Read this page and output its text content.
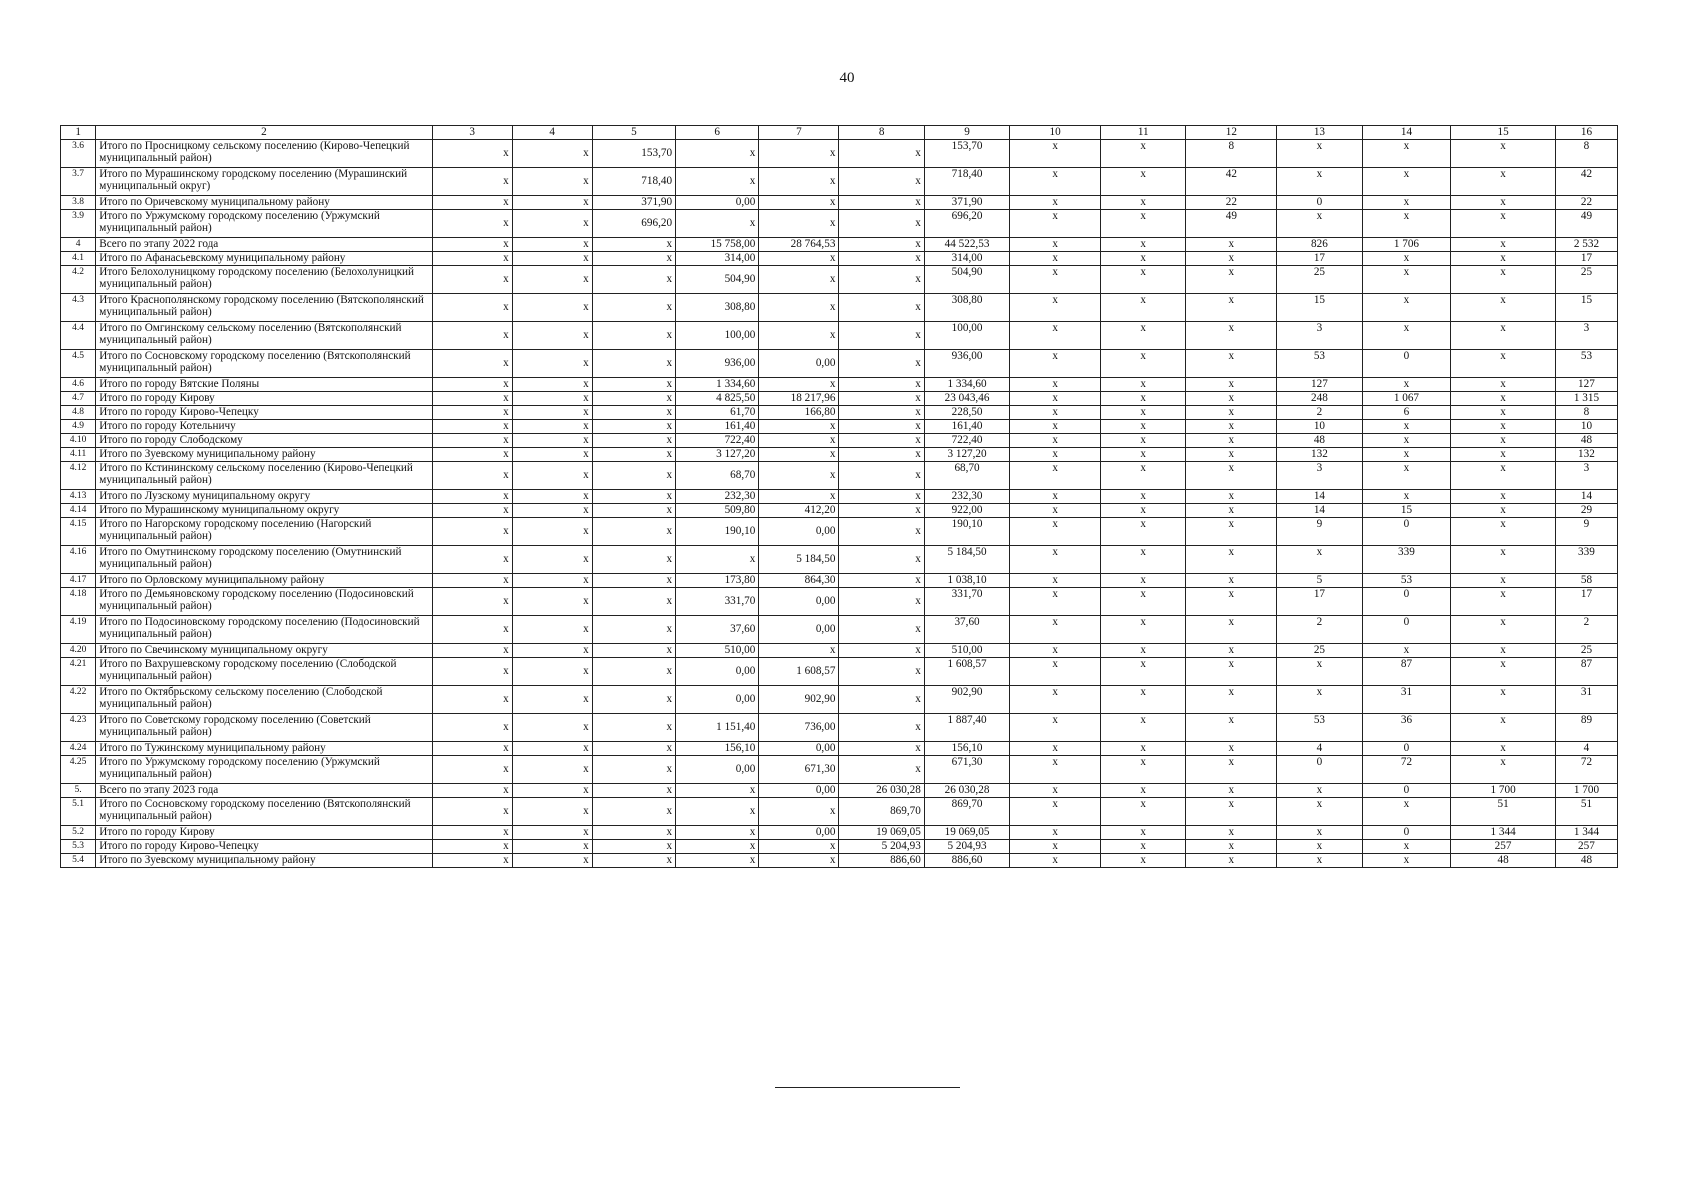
40
1	2	3	4	5	6	7	8	9	10	11	12	13	14	15	16
3.6	Итого по Просницкому сельскому поселению (Кирово-Чепецкий муниципальный район)	x	x	153,70	x	x	x	153,70	x	x	8	x	x	x	8
3.7	Итого по Мурашинскому городскому поселению (Мурашинский муниципальный округ)	x	x	718,40	x	x	x	718,40	x	x	42	x	x	x	42
3.8	Итого по Оричевскому муниципальному району	x	x	371,90	0,00	x	x	371,90	x	x	22	0	x	x	22
3.9	Итого по Уржумскому городскому поселению (Уржумский муниципальный район)	x	x	696,20	x	x	x	696,20	x	x	49	x	x	x	49
4	Всего по этапу 2022 года	x	x	x	15 758,00	28 764,53	x	44 522,53	x	x	x	826	1 706	x	2 532
4.1	Итого по Афанасьевскому муниципальному району	x	x	x	314,00	x	x	314,00	x	x	x	17	x	x	17
4.2	Итого Белохолуницкому городскому поселению (Белохолуницкий муниципальный район)	x	x	x	504,90	x	x	504,90	x	x	x	25	x	x	25
4.3	Итого Краснополянскому городскому поселению (Вятскополянский муниципальный район)	x	x	x	308,80	x	x	308,80	x	x	x	15	x	x	15
4.4	Итого по Омгинскому сельскому поселению (Вятскополянский муниципальный район)	x	x	x	100,00	x	x	100,00	x	x	x	3	x	x	3
4.5	Итого по Сосновскому городскому поселению (Вятскополянский муниципальный район)	x	x	x	936,00	0,00	x	936,00	x	x	x	53	0	x	53
4.6	Итого по городу Вятские Поляны	x	x	x	1 334,60	x	x	1 334,60	x	x	x	127	x	x	127
4.7	Итого по городу Кирову	x	x	x	4 825,50	18 217,96	x	23 043,46	x	x	x	248	1 067	x	1 315
4.8	Итого по городу Кирово-Чепецку	x	x	x	61,70	166,80	x	228,50	x	x	x	2	6	x	8
4.9	Итого по городу Котельничу	x	x	x	161,40	x	x	161,40	x	x	x	10	x	x	10
4.10	Итого по городу Слободскому	x	x	x	722,40	x	x	722,40	x	x	x	48	x	x	48
4.11	Итого по Зуевскому муниципальному району	x	x	x	3 127,20	x	x	3 127,20	x	x	x	132	x	x	132
4.12	Итого по Кстининскому сельскому поселению (Кирово-Чепецкий муниципальный район)	x	x	x	68,70	x	x	68,70	x	x	x	3	x	x	3
4.13	Итого по Лузскому муниципальному округу	x	x	x	232,30	x	x	232,30	x	x	x	14	x	x	14
4.14	Итого по Мурашинскому муниципальному округу	x	x	x	509,80	412,20	x	922,00	x	x	x	14	15	x	29
4.15	Итого по Нагорскому городскому поселению (Нагорский муниципальный район)	x	x	x	190,10	0,00	x	190,10	x	x	x	9	0	x	9
4.16	Итого по Омутнинскому городскому поселению (Омутнинский муниципальный район)	x	x	x	x	5 184,50	x	5 184,50	x	x	x	x	339	x	339
4.17	Итого по Орловскому муниципальному району	x	x	x	173,80	864,30	x	1 038,10	x	x	x	5	53	x	58
4.18	Итого по Демьяновскому городскому поселению (Подосиновский муниципальный район)	x	x	x	331,70	0,00	x	331,70	x	x	x	17	0	x	17
4.19	Итого по Подосиновскому городскому поселению (Подосиновский муниципальный район)	x	x	x	37,60	0,00	x	37,60	x	x	x	2	0	x	2
4.20	Итого по Свечинскому муниципальному округу	x	x	x	510,00	x	x	510,00	x	x	x	25	x	x	25
4.21	Итого по Вахрушевскому городскому поселению (Слободской муниципальный район)	x	x	x	0,00	1 608,57	x	1 608,57	x	x	x	x	87	x	87
4.22	Итого по Октябрьскому сельскому поселению (Слободской муниципальный район)	x	x	x	0,00	902,90	x	902,90	x	x	x	x	31	x	31
4.23	Итого по Советскому городскому поселению (Советский муниципальный район)	x	x	x	1 151,40	736,00	x	1 887,40	x	x	x	53	36	x	89
4.24	Итого по Тужинскому муниципальному району	x	x	x	156,10	0,00	x	156,10	x	x	x	4	0	x	4
4.25	Итого по Уржумскому городскому поселению (Уржумский муниципальный район)	x	x	x	0,00	671,30	x	671,30	x	x	x	0	72	x	72
5.	Всего по этапу 2023 года	x	x	x	x	0,00	26 030,28	26 030,28	x	x	x	x	0	1 700	1 700
5.1	Итого по Сосновскому городскому поселению (Вятскополянский муниципальный район)	x	x	x	x	x	869,70	869,70	x	x	x	x	x	51	51
5.2	Итого по городу Кирову	x	x	x	x	0,00	19 069,05	19 069,05	x	x	x	x	0	1 344	1 344
5.3	Итого по городу Кирово-Чепецку	x	x	x	x	x	5 204,93	5 204,93	x	x	x	x	x	257	257
5.4	Итого по Зуевскому муниципальному району	x	x	x	x	x	886,60	886,60	x	x	x	x	x	48	48
